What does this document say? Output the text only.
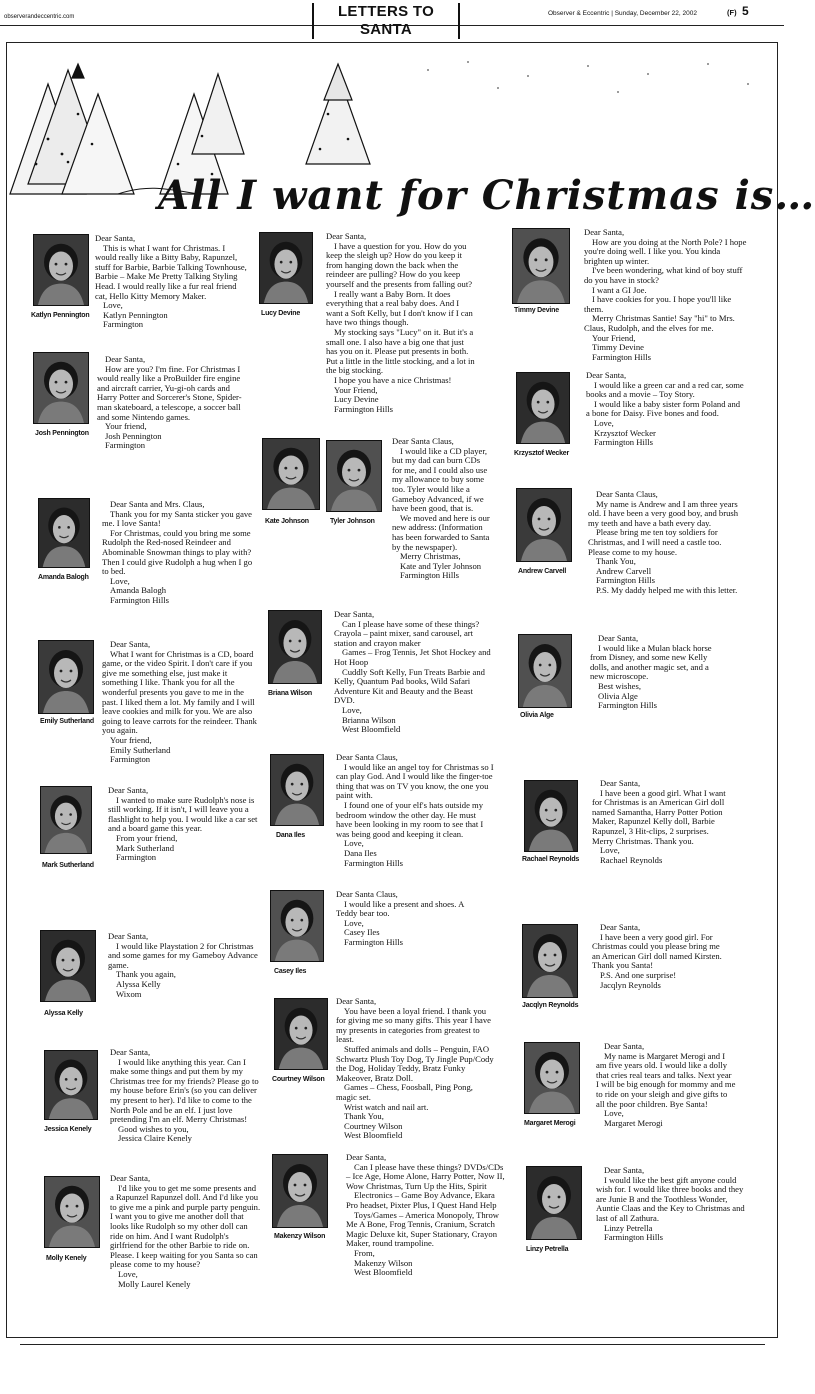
observerandeccentric.com	LETTERS TO SANTA
Observer & Eccentric | Sunday, December 22, 2002	(F) 5
All I want for Christmas is…
Katlyn Pennington

Dear Santa,

This is what I want for Christmas. I would really like a Bitty Baby, Rapunzel, stuff for Barbie, Barbie Talking Townhouse, Barbie – Make Me Pretty Talking Styling Head. I would really like a fur real friend cat, Hello Kitty Memory Maker.

Love,

Katlyn Pennington

Farmington

Josh Pennington

Dear Santa,

How are you? I'm fine. For Christmas I would really like a ProBuilder fire engine and aircraft carrier, Yu-gi-oh cards and Harry Potter and Sorcerer's Stone, Spider-man skateboard, a telescope, a soccer ball and some Nintendo games.

Your friend,

Josh Pennington

Farmington

Amanda Balogh

Dear Santa and Mrs. Claus,

Thank you for my Santa sticker you gave me. I love Santa!

For Christmas, could you bring me some Rudolph the Red-nosed Reindeer and Abominable Snowman things to play with? Then I could give Rudolph a hug when I go to bed.

Love,

Amanda Balogh

Farmington Hills

Emily Sutherland

Dear Santa,

What I want for Christmas is a CD, board game, or the video Spirit. I don't care if you give me something else, just make it something I like. Thank you for all the wonderful presents you gave to me in the past. I liked them a lot. My family and I will leave cookies and milk for you. We are also going to leave carrots for the reindeer. Thank you again.

Your friend,

Emily Sutherland

Farmington

Mark Sutherland

Dear Santa,

I wanted to make sure Rudolph's nose is still working. If it isn't, I will leave you a flashlight to help you. I would like a car set and a board game this year.

From your friend,

Mark Sutherland

Farmington

Alyssa Kelly

Dear Santa,

I would like Playstation 2 for Christmas and some games for my Gameboy Advance game.

Thank you again,

Alyssa Kelly

Wixom

Jessica Kenely

Dear Santa,

I would like anything this year. Can I make some things and put them by my Christmas tree for my friends? Please go to my house before Erin's (so you can deliver my present to her). I'd like to come to the North Pole and be an elf. I just love pretending I'm an elf. Merry Christmas!

Good wishes to you,

Jessica Claire Kenely

Molly Kenely

Dear Santa,

I'd like you to get me some presents and a Rapunzel Rapunzel doll. And I'd like you to give me a pink and purple party penguin. I want you to give me another doll that looks like Rudolph so my other doll can ride on him. And I want Rudolph's girlfriend for the other Barbie to ride on. Please. I keep waiting for you Santa so can please come to my house?

Love,

Molly Laurel Kenely

Lucy Devine

Dear Santa,

I have a question for you. How do you keep the sleigh up? How do you keep it from hanging down the back when the reindeer are pulling? How do you keep yourself and the presents from falling out?

I really want a Baby Born. It does everything that a real baby does. And I want a Soft Kelly, but I don't know if I can have two things though.

My stocking says "Lucy" on it. But it's a small one. I also have a big one that just has you on it. Please put presents in both. Put a little in the little stocking, and a lot in the big stocking.

I hope you have a nice Christmas!

Your Friend,

Lucy Devine

Farmington Hills

Kate Johnson	Tyler Johnson

Dear Santa Claus,

I would like a CD player, but my dad can burn CDs for me, and I could also use my allowance to buy some too. Tyler would like a Gameboy Advanced, if we have been good, that is.

We moved and here is our new address: (Information has been forwarded to Santa by the newspaper).

Merry Christmas,

Kate and Tyler Johnson

Farmington Hills

Briana Wilson

Dear Santa,

Can I please have some of these things? Crayola – paint mixer, sand carousel, art station and crayon maker

Games – Frog Tennis, Jet Shot Hockey and Hot Hoop

Cuddly Soft Kelly, Fun Treats Barbie and Kelly, Quantum Pad books, Wild Safari Adventure Kit and Beauty and the Beast DVD.

Love,

Brianna Wilson

West Bloomfield

Dana Iles

Dear Santa Claus,

I would like an angel toy for Christmas so I can play God. And I would like the finger-toe thing that was on TV you know, the one you paint with.

I found one of your elf's hats outside my bedroom window the other day. He must have been looking in my room to see that I was being good and keeping it clean.

Love,

Dana Iles

Farmington Hills

Casey Iles

Dear Santa Claus,

I would like a present and shoes. A Teddy bear too.

Love,

Casey Iles

Farmington Hills

Courtney Wilson

Dear Santa,

You have been a loyal friend. I thank you for giving me so many gifts. This year I have my presents in categories from greatest to least.

Stuffed animals and dolls – Penguin, FAO Schwartz Plush Toy Dog, Ty Jingle Pup/Cody the Dog, Holiday Teddy, Bratz Funky Makeover, Bratz Doll.

Games – Chess, Foosball, Ping Pong, magic set.

Wrist watch and nail art.

Thank You,

Courtney Wilson

West Bloomfield

Makenzy Wilson

Dear Santa,

Can I please have these things? DVDs/CDs – Ice Age, Home Alone, Harry Potter, Now II, Wow Christmas, Turn Up the Hits, Spirit

Electronics – Game Boy Advance, Ekara Pro headset, Pixter Plus, I Quest Hand Help

Toys/Games – America Monopoly, Throw Me A Bone, Frog Tennis, Cranium, Scratch Magic Deluxe kit, Super Stationary, Crayon Maker, round trampoline.

From,

Makenzy Wilson

West Bloomfield

Timmy Devine

Dear Santa,

How are you doing at the North Pole? I hope you're doing well. I like you. You kinda brighten up winter.

I've been wondering, what kind of boy stuff do you have in stock?

I want a GI Joe.

I have cookies for you. I hope you'll like them.

Merry Christmas Santie! Say "hi" to Mrs. Claus, Rudolph, and the elves for me.

Your Friend,

Timmy Devine

Farmington Hills

Krzysztof Wecker

Dear Santa,

I would like a green car and a red car, some books and a movie – Toy Story.

I would like a baby sister form Poland and a bone for Daisy. Five bones and food.

Love,

Krzysztof Wecker

Farmington Hills

Andrew Carvell

Dear Santa Claus,

My name is Andrew and I am three years old. I have been a very good boy, and brush my teeth and have a bath every day.

Please bring me ten toy soldiers for Christmas, and I will need a castle too. Please come to my house.

Thank You,

Andrew Carvell

Farmington Hills

P.S. My daddy helped me with this letter.

Olivia Alge

Dear Santa,

I would like a Mulan black horse from Disney, and some new Kelly dolls, and another magic set, and a new microscope.

Best wishes,

Olivia Alge

Farmington Hills

Rachael Reynolds

Dear Santa,

I have been a good girl. What I want for Christmas is an American Girl doll named Samantha, Harry Potter Potion Maker, Rapunzel Kelly doll, Barbie Rapunzel, 3 Hit-clips, 2 surprises. Merry Christmas. Thank you.

Love,

Rachael Reynolds

Jacqlyn Reynolds

Dear Santa,

I have been a very good girl. For Christmas could you please bring me an American Girl doll named Kirsten. Thank you Santa!

P.S. And one surprise!

Jacqlyn Reynolds

Margaret Merogi

Dear Santa,

My name is Margaret Merogi and I am five years old. I would like a dolly that cries real tears and talks. Next year I will be big enough for mommy and me to ride on your sleigh and give gifts to all the poor children. Bye Santa!

Love,

Margaret Merogi

Linzy Petrella

Dear Santa,

I would like the best gift anyone could wish for. I would like three books and they are Junie B and the Toothless Wonder, Auntie Claas and the Key to Christmas and last of all Zathura.

Linzy Petrella

Farmington Hills
